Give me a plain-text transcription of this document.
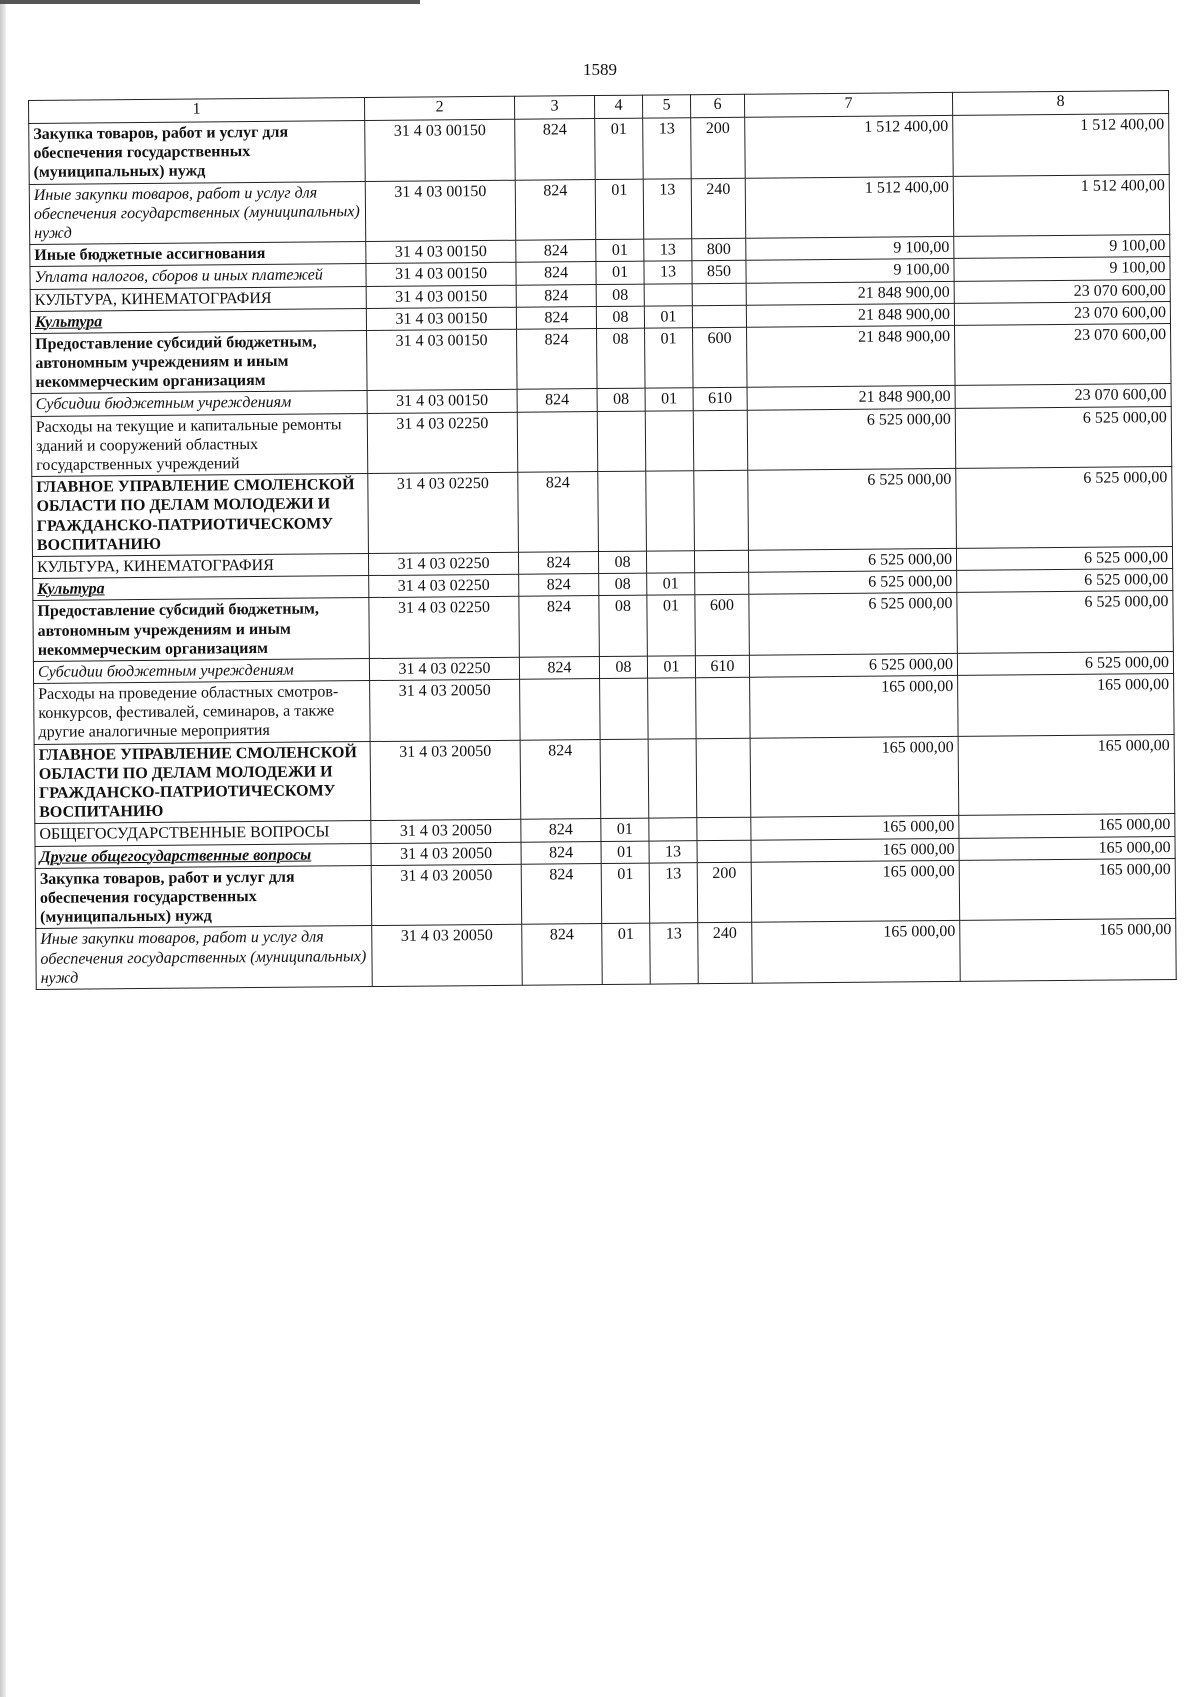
1589
1	2	3	4	5	6	7	8
Закупка товаров, работ и услуг для обеспечения государственных (муниципальных) нужд	31 4 03 00150	824	01	13	200	1 512 400,00	1 512 400,00
Иные закупки товаров, работ и услуг для обеспечения государственных (муниципальных) нужд	31 4 03 00150	824	01	13	240	1 512 400,00	1 512 400,00
Иные бюджетные ассигнования	31 4 03 00150	824	01	13	800	9 100,00	9 100,00
Уплата налогов, сборов и иных платежей	31 4 03 00150	824	01	13	850	9 100,00	9 100,00
КУЛЬТУРА, КИНЕМАТОГРАФИЯ	31 4 03 00150	824	08			21 848 900,00	23 070 600,00
Культура	31 4 03 00150	824	08	01		21 848 900,00	23 070 600,00
Предоставление субсидий бюджетным, автономным учреждениям и иным некоммерческим организациям	31 4 03 00150	824	08	01	600	21 848 900,00	23 070 600,00
Субсидии бюджетным учреждениям	31 4 03 00150	824	08	01	610	21 848 900,00	23 070 600,00
Расходы на текущие и капитальные ремонты зданий и сооружений областных государственных учреждений	31 4 03 02250					6 525 000,00	6 525 000,00
ГЛАВНОЕ УПРАВЛЕНИЕ СМОЛЕНСКОЙ ОБЛАСТИ ПО ДЕЛАМ МОЛОДЕЖИ И ГРАЖДАНСКО-ПАТРИОТИЧЕСКОМУ ВОСПИТАНИЮ	31 4 03 02250	824				6 525 000,00	6 525 000,00
КУЛЬТУРА, КИНЕМАТОГРАФИЯ	31 4 03 02250	824	08			6 525 000,00	6 525 000,00
Культура	31 4 03 02250	824	08	01		6 525 000,00	6 525 000,00
Предоставление субсидий бюджетным, автономным учреждениям и иным некоммерческим организациям	31 4 03 02250	824	08	01	600	6 525 000,00	6 525 000,00
Субсидии бюджетным учреждениям	31 4 03 02250	824	08	01	610	6 525 000,00	6 525 000,00
Расходы на проведение областных смотров-конкурсов, фестивалей, семинаров, а также другие аналогичные мероприятия	31 4 03 20050					165 000,00	165 000,00
ГЛАВНОЕ УПРАВЛЕНИЕ СМОЛЕНСКОЙ ОБЛАСТИ ПО ДЕЛАМ МОЛОДЕЖИ И ГРАЖДАНСКО-ПАТРИОТИЧЕСКОМУ ВОСПИТАНИЮ	31 4 03 20050	824				165 000,00	165 000,00
ОБЩЕГОСУДАРСТВЕННЫЕ ВОПРОСЫ	31 4 03 20050	824	01			165 000,00	165 000,00
Другие общегосударственные вопросы	31 4 03 20050	824	01	13		165 000,00	165 000,00
Закупка товаров, работ и услуг для обеспечения государственных (муниципальных) нужд	31 4 03 20050	824	01	13	200	165 000,00	165 000,00
Иные закупки товаров, работ и услуг для обеспечения государственных (муниципальных) нужд	31 4 03 20050	824	01	13	240	165 000,00	165 000,00
